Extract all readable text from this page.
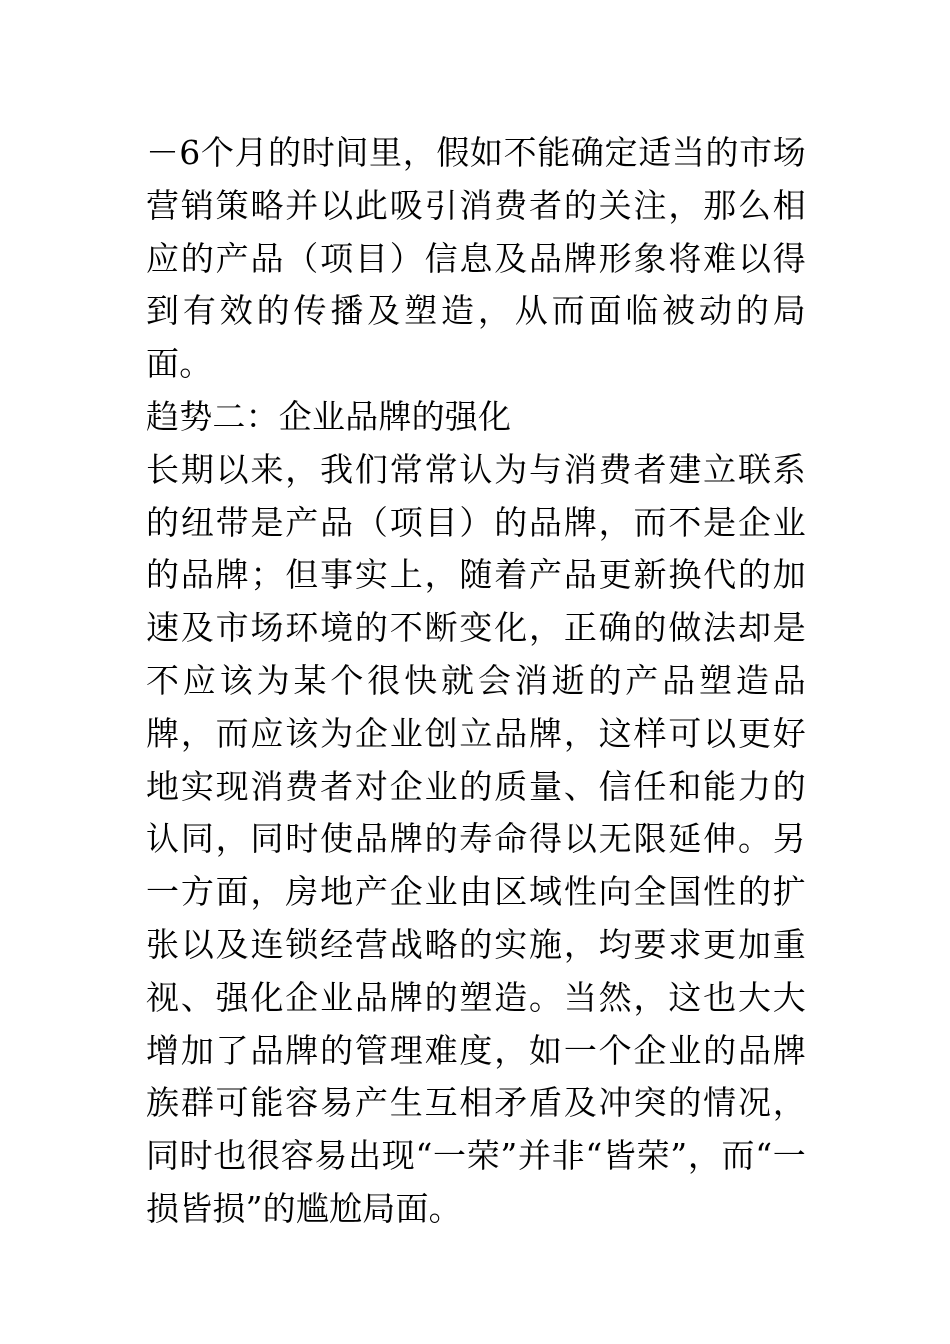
－6个月的时间里，假如不能确定适当的市场营销策略并以此吸引消费者的关注，那么相应的产品（项目）信息及品牌形象将难以得到有效的传播及塑造，从而面临被动的局面。

趋势二：企业品牌的强化

长期以来，我们常常认为与消费者建立联系的纽带是产品（项目）的品牌，而不是企业的品牌；但事实上，随着产品更新换代的加速及市场环境的不断变化，正确的做法却是不应该为某个很快就会消逝的产品塑造品牌，而应该为企业创立品牌，这样可以更好地实现消费者对企业的质量、信任和能力的认同，同时使品牌的寿命得以无限延伸。另一方面，房地产企业由区域性向全国性的扩张以及连锁经营战略的实施，均要求更加重视、强化企业品牌的塑造。当然，这也大大增加了品牌的管理难度，如一个企业的品牌族群可能容易产生互相矛盾及冲突的情况，同时也很容易出现“一荣”并非“皆荣”，而“一损皆损”的尴尬局面。
